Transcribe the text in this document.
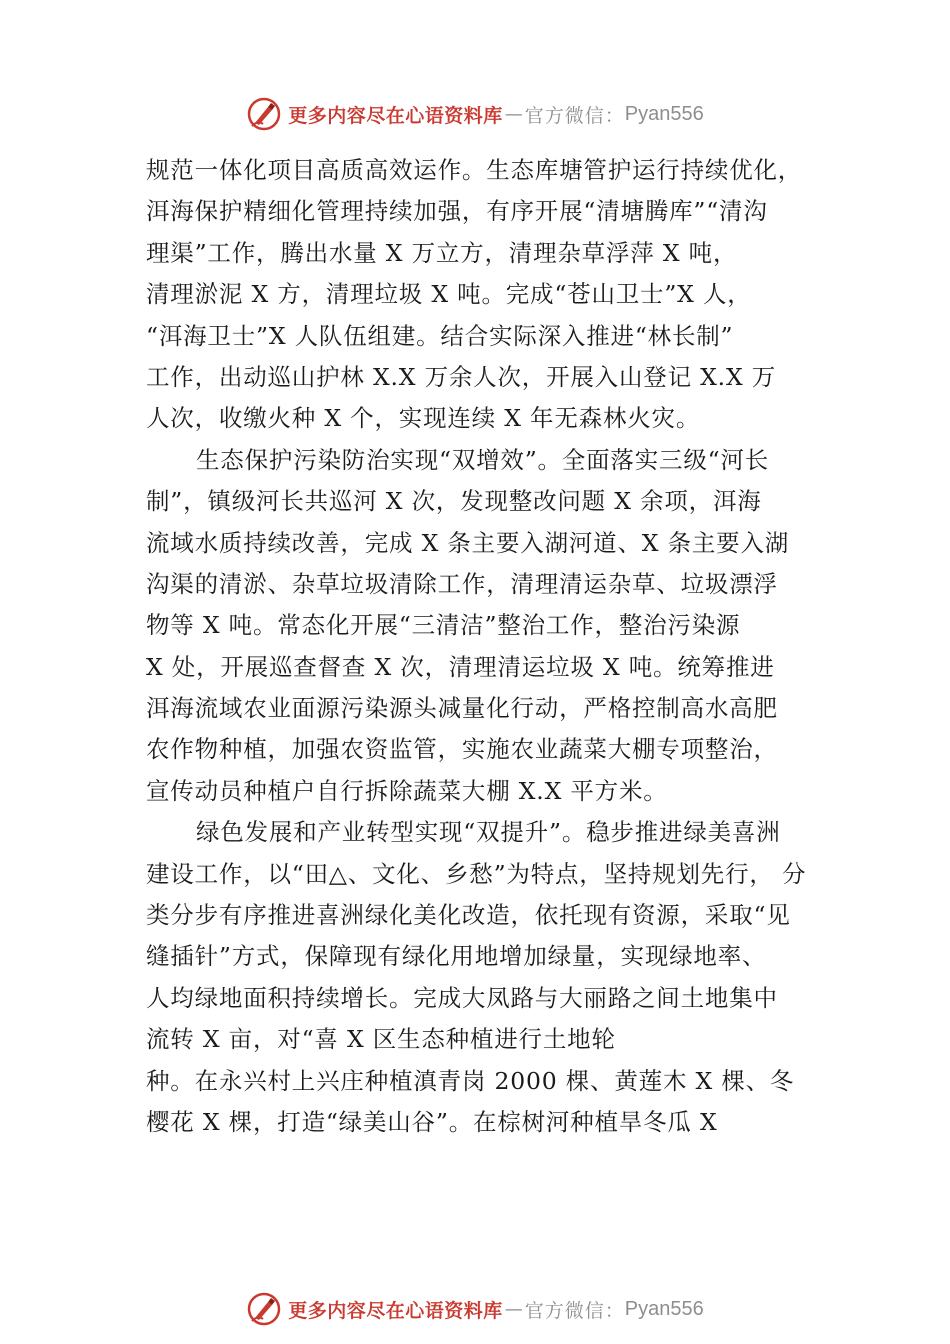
更多内容尽在心语资料库 — 官方微信： Pyan556
规范一体化项目高质高效运作。生态库塘管护运行持续优化，
洱海保护精细化管理持续加强，有序开展“清塘腾库”“清沟
理渠”工作，腾出水量 X 万立方，清理杂草浮萍 X 吨，
清理淤泥 X 方，清理垃圾 X 吨。完成“苍山卫士”X 人，
“洱海卫士”X 人队伍组建。结合实际深入推进“林长制”
工作，出动巡山护林 X.X 万余人次，开展入山登记 X.X 万
人次，收缴火种 X 个，实现连续 X 年无森林火灾。
生态保护污染防治实现“双增效”。全面落实三级“河长
制”，镇级河长共巡河 X 次，发现整改问题 X 余项，洱海
流域水质持续改善，完成 X 条主要入湖河道、X 条主要入湖
沟渠的清淤、杂草垃圾清除工作，清理清运杂草、垃圾漂浮
物等 X 吨。常态化开展“三清洁”整治工作，整治污染源
X 处，开展巡查督查 X 次，清理清运垃圾 X 吨。统筹推进
洱海流域农业面源污染源头减量化行动，严格控制高水高肥
农作物种植，加强农资监管，实施农业蔬菜大棚专项整治，
宣传动员种植户自行拆除蔬菜大棚 X.X 平方米。
绿色发展和产业转型实现“双提升”。稳步推进绿美喜洲
建设工作，以“田△、文化、乡愁”为特点，坚持规划先行， 分
类分步有序推进喜洲绿化美化改造，依托现有资源，采取“见
缝插针”方式，保障现有绿化用地增加绿量，实现绿地率、
人均绿地面积持续增长。完成大凤路与大丽路之间土地集中
流转 X 亩，对“喜 X 区生态种植进行土地轮
种。在永兴村上兴庄种植滇青岗 2000 棵、黄莲木 X 棵、冬
樱花 X 棵，打造“绿美山谷”。在棕树河种植旱冬瓜 X
更多内容尽在心语资料库 — 官方微信： Pyan556
